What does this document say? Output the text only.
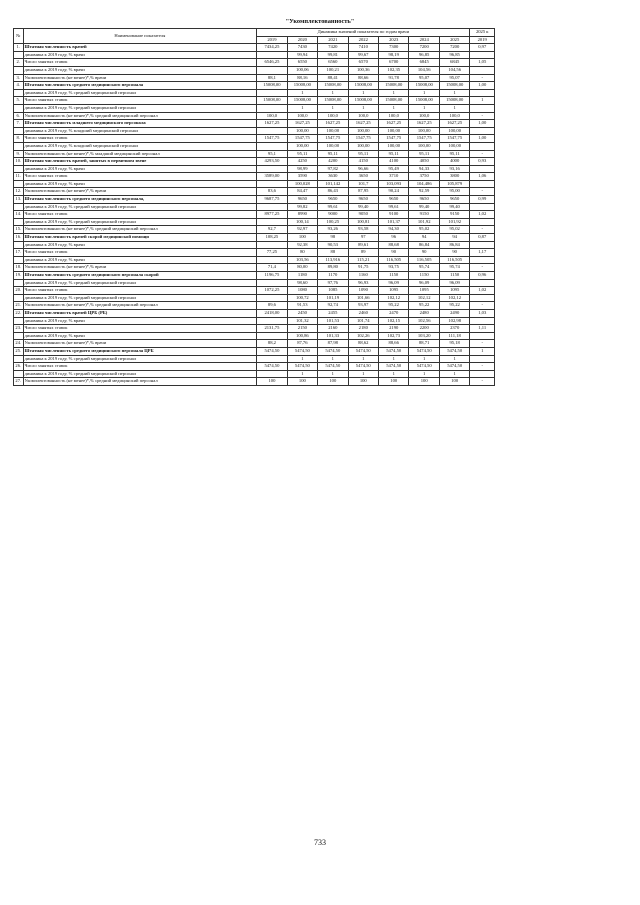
"Укомплектованность"
№	Наименование показателя	Динамика значений показателя по годам врачи							2025 к
		2019	2020	2021	2022	2023	2024	2025	2019
1.	Штатная численность врачей	7434,25	7430	7420	7410	7300	7200	7200	0,97
	динамика к 2019 году, % врачи		99,94	99,81	99,67	98,19	96,85	96,85	
2.	Число занятых ставок	6546,25	6550	6560	6570	6700	6845	6845	1,05
	динамика к 2019 году, % врачи		100,06	100,21	100,36	102,35	104,56	104,56	
3.	Укомплектованность (не менее)*,% врачи	88,1	88,16	88,41	88,66	91,78	95,07	95,07	-
4.	Штатная численность среднего медицинского персонала	15008,00	15008,00	15008,00	15008,00	15008,00	15008,00	15008,00	1,00
	динамика к 2019 году, % средний медицинский персонал		1	1	1	1	1	1	
5.	Число занятых ставок	15008,00	15008,00	15008,00	15008,00	15008,00	15008,00	15008,00	1
	динамика к 2019 году, % средний медицинский персонал		1	1	1	1	1	1	
6.	Укомплектованность (не менее)*,% средний медицинский персонал	100,0	100,0	100,0	100,0	100,0	100,0	100,0	-
7.	Штатная численность младшего медицинского персонала	1627,25	1627,25	1627,25	1627,25	1627,25	1627,25	1627,25	1,00
	динамика к 2019 году, % младший медицинский персонал		100,00	100,00	100,00	100,00	100,00	100,00	
8.	Число занятых ставок	1547,75	1547,75	1547,75	1547,75	1547,75	1547,75	1547,75	1,00
	динамика к 2019 году, % младший медицинский персонал		100,00	100,00	100,00	100,00	100,00	100,00	
9.	Укомплектованность (не менее)*,% младший медицинский персонал	95,1	95,11	95,11	95,11	95,11	95,11	95,11	-
10.	Штатная численность врачей, занятых в первичном звене	4293,50	4250	4200	4150	4100	4050	4000	0,93
	динамика к 2019 году, % врачи		98,99	97,82	96,66	95,49	94,33	93,16	
11.	Число занятых ставок	3589,00	3590	3630	3650	3710	3750	3800	1,06
	динамика к 2019 году, % врачи		100,028	101,142	101,7	103,093	104,486	105,879	
12.	Укомплектованность (не менее)*,% врачи	83,6	84,47	86,43	87,95	90,24	92,59	95,00	-
13.	Штатная численность среднего медицинского персонала,	9687,75	9650	9650	9650	9650	9650	9650	0,99
	динамика к 2019 году, % средний медицинский персонал		99,82	99,61	99,40	99,61	99,40	99,40	
14.	Число занятых ставок	8977,25	8990	9000	9050	9100	9150	9150	1,02
	динамика к 2019 году, % средний медицинский персонал		100,14	100,25	100,81	101,37	101,92	101,92	
15.	Укомплектованность (не менее)*,% средний медицинский персонал	92,7	92,97	93,26	93,58	94,30	95,02	95,02	-
16.	Штатная численность врачей скорой медицинской помощи	108,25	100	98	97	96	94	94	0,87
	динамика к 2019 году, % врачи		92,38	90,53	89,61	88,68	86,84	86,84	
17.	Число занятых ставок	77,25	80	88	89	90	90	90	1,17
	динамика к 2019 году, % врачи		103,56	113,916	115,21	116,505	116,505	116,505	
18.	Укомплектованность (не менее)*,% врачи	71,4	80,00	89,80	91,75	93,75	95,74	95,74	-
19.	Штатная численность среднего медицинского персонала скорой	1196,75	1180	1170	1160	1150	1150	1150	0,96
	динамика к 2019 году, % средний медицинский персонал		98,60	97,76	96,93	96,09	96,09	96,09	
20.	Число занятых ставок	1072,25	1080	1085	1090	1095	1095	1095	1,02
	динамика к 2019 году, % средний медицинский персонал		100,72	101,19	101,66	102,12	102,12	102,12	
21.	Укомплектованность (не менее)*,% средний медицинский персонал	89,6	91,53	92,74	93,97	95,22	95,22	95,22	-
22.	Штатная численность врачей ЦРБ (РБ)	2418,00	2450	2455	2460	2470	2480	2490	1,03
	динамика к 2019 году, % врачи		101,32	101,53	101,74	102,15	102,56	102,98	
23.	Число занятых ставок	2131,75	2150	2160	2180	2190	2200	2370	1,11
	динамика к 2019 году, % врачи		100,86	101,33	102,26	102,73	103,20	111,18	
24.	Укомплектованность (не менее)*,% врачи	88,2	87,76	87,98	88,62	88,66	88,71	95,18	-
25.	Штатная численность среднего медицинского персонала ЦРБ	5474,50	5474,50	5474,50	5474,50	5474,50	5474,50	5474,50	1
	динамика к 2019 году, % средний медицинский персонал		1	1	1	1	1	1	
26.	Число занятых ставок	5474,50	5474,50	5474,50	5474,50	5474,50	5474,50	5474,50	-
	динамика к 2019 году, % средний медицинский персонал		1	1	1	1	1	1	
27.	Укомплектованность (не менее)*,% средний медицинский персонал	100	100	100	100	100	100	100	-
733
